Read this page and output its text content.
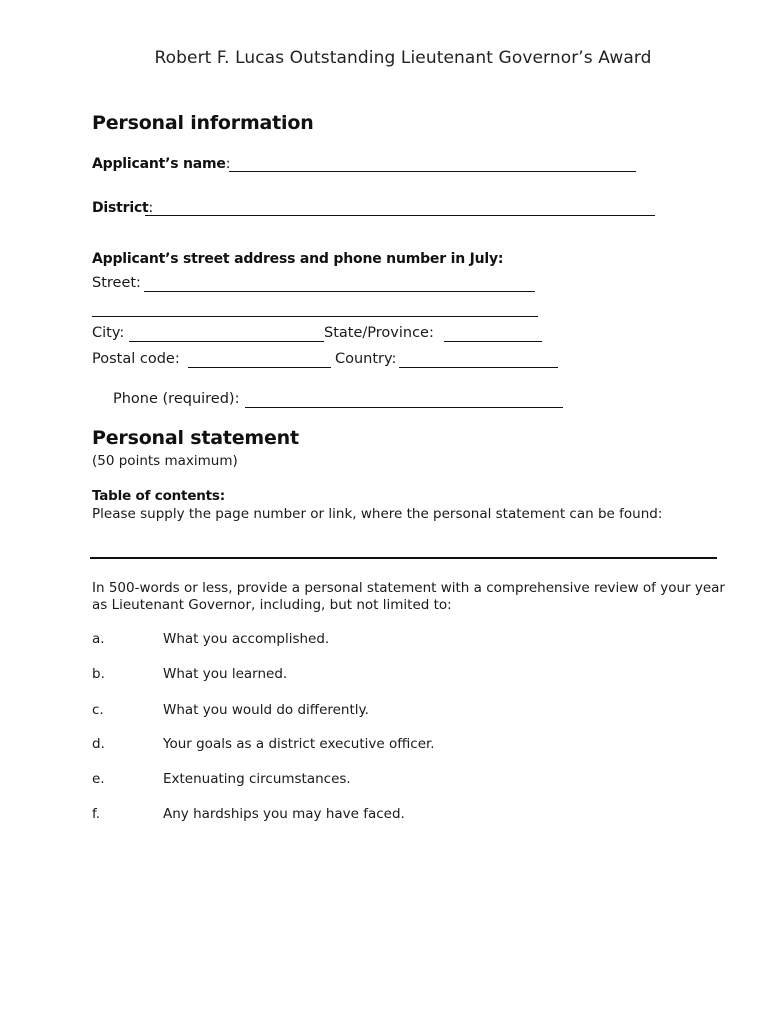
Robert F. Lucas Outstanding Lieutenant Governor’s Award
Personal information
Applicant’s name:
District:
Applicant’s street address and phone number in July:
Street:
City:	State/Province:
Postal code:	Country:
Phone (required):
Personal statement
(50 points maximum)
Table of contents:
Please supply the page number or link, where the personal statement can be found:
In 500-words or less, provide a personal statement with a comprehensive review of your year
as Lieutenant Governor, including, but not limited to:
a.	What you accomplished.
b.	What you learned.
c.	What you would do differently.
d.	Your goals as a district executive officer.
e.	Extenuating circumstances.
f.	Any hardships you may have faced.
